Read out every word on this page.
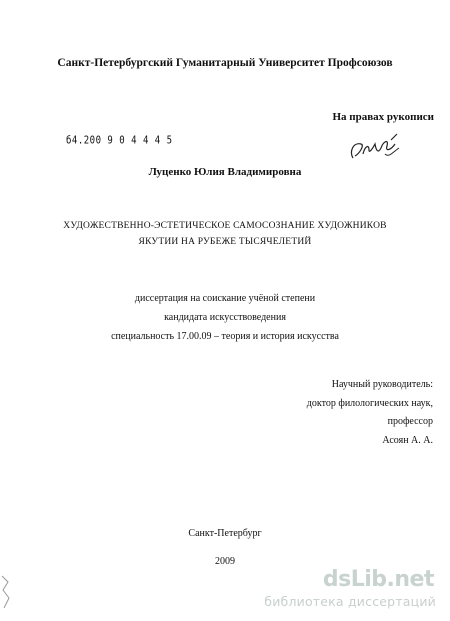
Санкт-Петербургский Гуманитарный Университет Профсоюзов
На правах рукописи
б4.200 9 0 4 4 4 5
Луценко Юлия Владимировна
ХУДОЖЕСТВЕННО-ЭСТЕТИЧЕСКОЕ САМОСОЗНАНИЕ ХУДОЖНИКОВ
ЯКУТИИ НА РУБЕЖЕ ТЫСЯЧЕЛЕТИЙ
диссертация на соискание учёной степени
кандидата искусствоведения
специальность 17.00.09 – теория и история искусства
Научный руководитель:
доктор филологических наук,
профессор
Асоян А. А.
Санкт-Петербург
2009
dsLib.net
библиотека диссертаций
